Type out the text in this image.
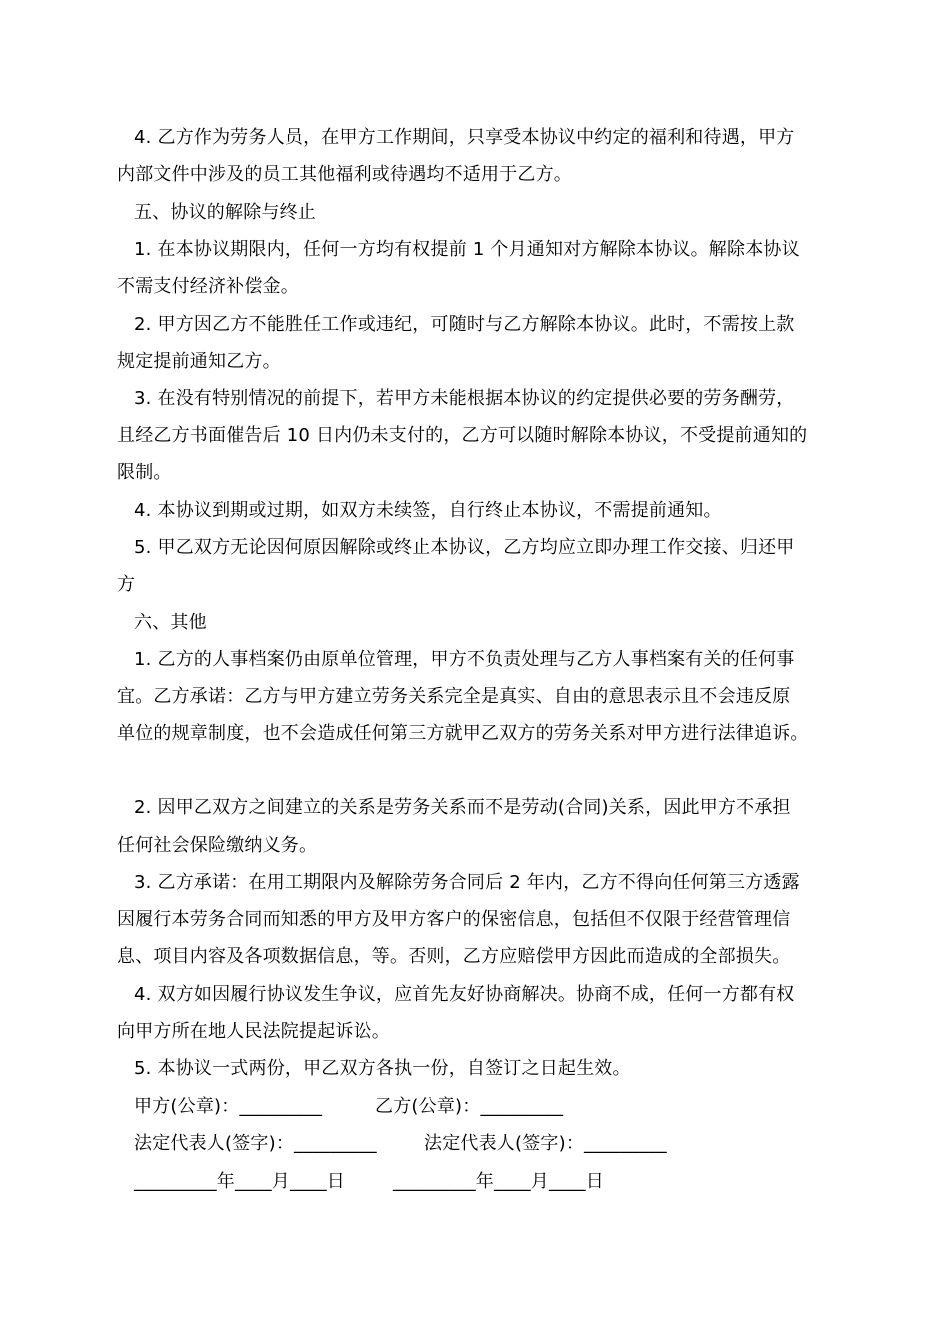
4. 乙方作为劳务人员，在甲方工作期间，只享受本协议中约定的福利和待遇，甲方
内部文件中涉及的员工其他福利或待遇均不适用于乙方。
五、协议的解除与终止
1. 在本协议期限内，任何一方均有权提前 1 个月通知对方解除本协议。解除本协议
不需支付经济补偿金。
2. 甲方因乙方不能胜任工作或违纪，可随时与乙方解除本协议。此时，不需按上款
规定提前通知乙方。
3. 在没有特别情况的前提下，若甲方未能根据本协议的约定提供必要的劳务酬劳，
且经乙方书面催告后 10 日内仍未支付的，乙方可以随时解除本协议，不受提前通知的
限制。
4. 本协议到期或过期，如双方未续签，自行终止本协议，不需提前通知。
5. 甲乙双方无论因何原因解除或终止本协议，乙方均应立即办理工作交接、归还甲
方
六、其他
1. 乙方的人事档案仍由原单位管理，甲方不负责处理与乙方人事档案有关的任何事
宜。乙方承诺：乙方与甲方建立劳务关系完全是真实、自由的意思表示且不会违反原
单位的规章制度，也不会造成任何第三方就甲乙双方的劳务关系对甲方进行法律追诉。
2. 因甲乙双方之间建立的关系是劳务关系而不是劳动(合同)关系，因此甲方不承担
任何社会保险缴纳义务。
3. 乙方承诺：在用工期限内及解除劳务合同后 2 年内，乙方不得向任何第三方透露
因履行本劳务合同而知悉的甲方及甲方客户的保密信息，包括但不仅限于经营管理信
息、项目内容及各项数据信息，等。否则，乙方应赔偿甲方因此而造成的全部损失。
4. 双方如因履行协议发生争议，应首先友好协商解决。协商不成，任何一方都有权
向甲方所在地人民法院提起诉讼。
5. 本协议一式两份，甲乙双方各执一份，自签订之日起生效。
甲方(公章)：_________	乙方(公章)：_________
法定代表人(签字)：_________	法定代表人(签字)：_________
_________年____月____日	_________年____月____日
